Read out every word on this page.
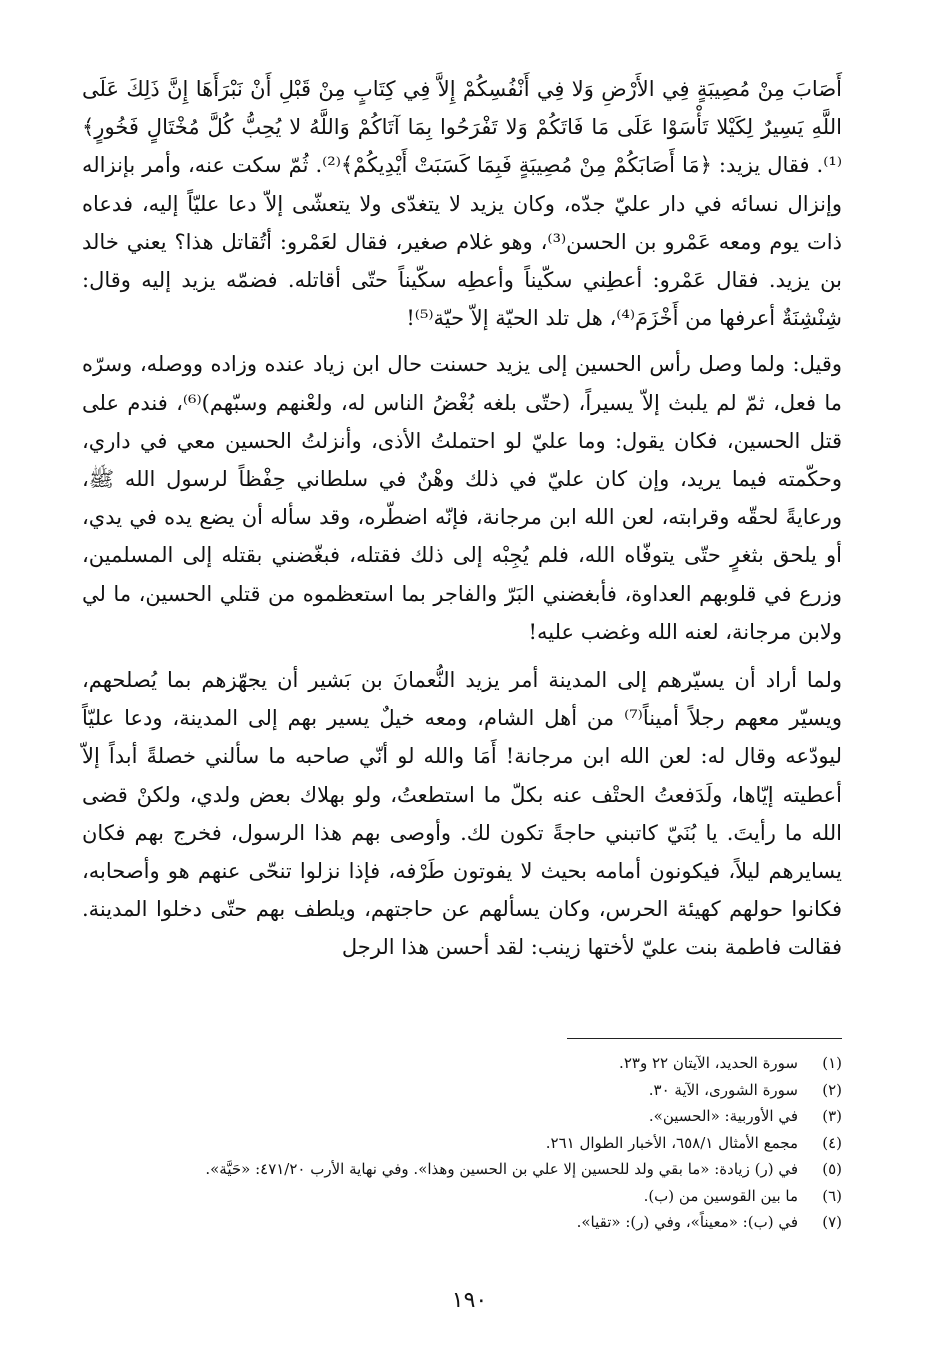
أَصَابَ مِنْ مُصِيبَةٍ فِي الأَرْضِ وَلا فِي أَنْفُسِكُمْ إِلاَّ فِي كِتَابٍ مِنْ قَبْلِ أَنْ نَبْرَأَهَا إِنَّ ذَلِكَ عَلَى اللَّهِ يَسِيرٌ لِكَيْلا تَأْسَوْا عَلَى مَا فَاتَكُمْ وَلا تَفْرَحُوا بِمَا آتَاكُمْ وَاللَّهُ لا يُحِبُّ كُلَّ مُخْتَالٍ فَخُورٍ﴾⁽¹⁾. فقال يزيد: ﴿مَا أَصَابَكُمْ مِنْ مُصِيبَةٍ فَبِمَا كَسَبَتْ أَيْدِيكُمْ﴾⁽²⁾. ثُمّ سكت عنه، وأمر بإنزاله وإنزال نسائه في دار عليّ جدّه، وكان يزيد لا يتغدّى ولا يتعشّى إلاّ دعا عليّاً إليه، فدعاه ذات يوم ومعه عَمْرو بن الحسن⁽³⁾، وهو غلام صغير، فقال لعَمْرو: أتُقاتل هذا؟ يعني خالد بن يزيد. فقال عَمْرو: أعطِني سكّيناً وأعطِه سكّيناً حتّى أقاتله. فضمّه يزيد إليه وقال: شِنْشِنَةٌ أعرفها من أَخْزَمَ⁽⁴⁾، هل تلد الحيّة إلاّ حيّة⁽⁵⁾!

وقيل: ولما وصل رأس الحسين إلى يزيد حسنت حال ابن زياد عنده وزاده ووصله، وسرّه ما فعل، ثمّ لم يلبث إلاّ يسيراً، (حتّى بلغه بُغْضُ الناس له، ولعْنهم وسبّهم)⁽⁶⁾، فندم على قتل الحسين، فكان يقول: وما عليّ لو احتملتُ الأذى، وأنزلتُ الحسين معي في داري، وحكّمته فيما يريد، وإن كان عليّ في ذلك وهْنٌ في سلطاني حِفْظاً لرسول الله ﷺ، ورعايةً لحقّه وقرابته، لعن الله ابن مرجانة، فإنّه اضطّره، وقد سأله أن يضع يده في يدي، أو يلحق بثغرٍ حتّى يتوفّاه الله، فلم يُجِبْه إلى ذلك فقتله، فبغّضني بقتله إلى المسلمين، وزرع في قلوبهم العداوة، فأبغضني البَرّ والفاجر بما استعظموه من قتلي الحسين، ما لي ولابن مرجانة، لعنه الله وغضب عليه!

ولما أراد أن يسيّرهم إلى المدينة أمر يزيد النُّعمانَ بن بَشير أن يجهّزهم بما يُصلحهم، ويسيّر معهم رجلاً أميناً⁽⁷⁾ من أهل الشام، ومعه خيلٌ يسير بهم إلى المدينة، ودعا عليّاً ليودّعه وقال له: لعن الله ابن مرجانة! أَمَا والله لو أنّي صاحبه ما سألني خصلةً أبداً إلاّ أعطيته إيّاها، ولَدَفعتُ الحتْف عنه بكلّ ما استطعتُ، ولو بهلاك بعض ولدي، ولكنْ قضى الله ما رأيتَ. يا بُنَيّ كاتبني حاجةً تكون لك. وأوصى بهم هذا الرسول، فخرج بهم فكان يسايرهم ليلاً، فيكونون أمامه بحيث لا يفوتون طَرْفه، فإذا نزلوا تنحّى عنهم هو وأصحابه، فكانوا حولهم كهيئة الحرس، وكان يسألهم عن حاجتهم، ويلطف بهم حتّى دخلوا المدينة. فقالت فاطمة بنت عليّ لأختها زينب: لقد أحسن هذا الرجل

(١)
سورة الحديد، الآيتان ٢٢ و٢٣.
(٢)
سورة الشورى، الآية ٣٠.
(٣)
في الأوربية: «الحسين».
(٤)
مجمع الأمثال ٦٥٨/١، الأخبار الطوال ٢٦١.
(٥)
في (ر) زيادة: «ما بقي ولد للحسين إلا علي بن الحسين وهذا». وفي نهاية الأرب ٤٧١/٢٠: «حَيَّة».
(٦)
ما بين القوسين من (ب).
(٧)
في (ب): «معيناً»، وفي (ر): «تقيا».
١٩٠
